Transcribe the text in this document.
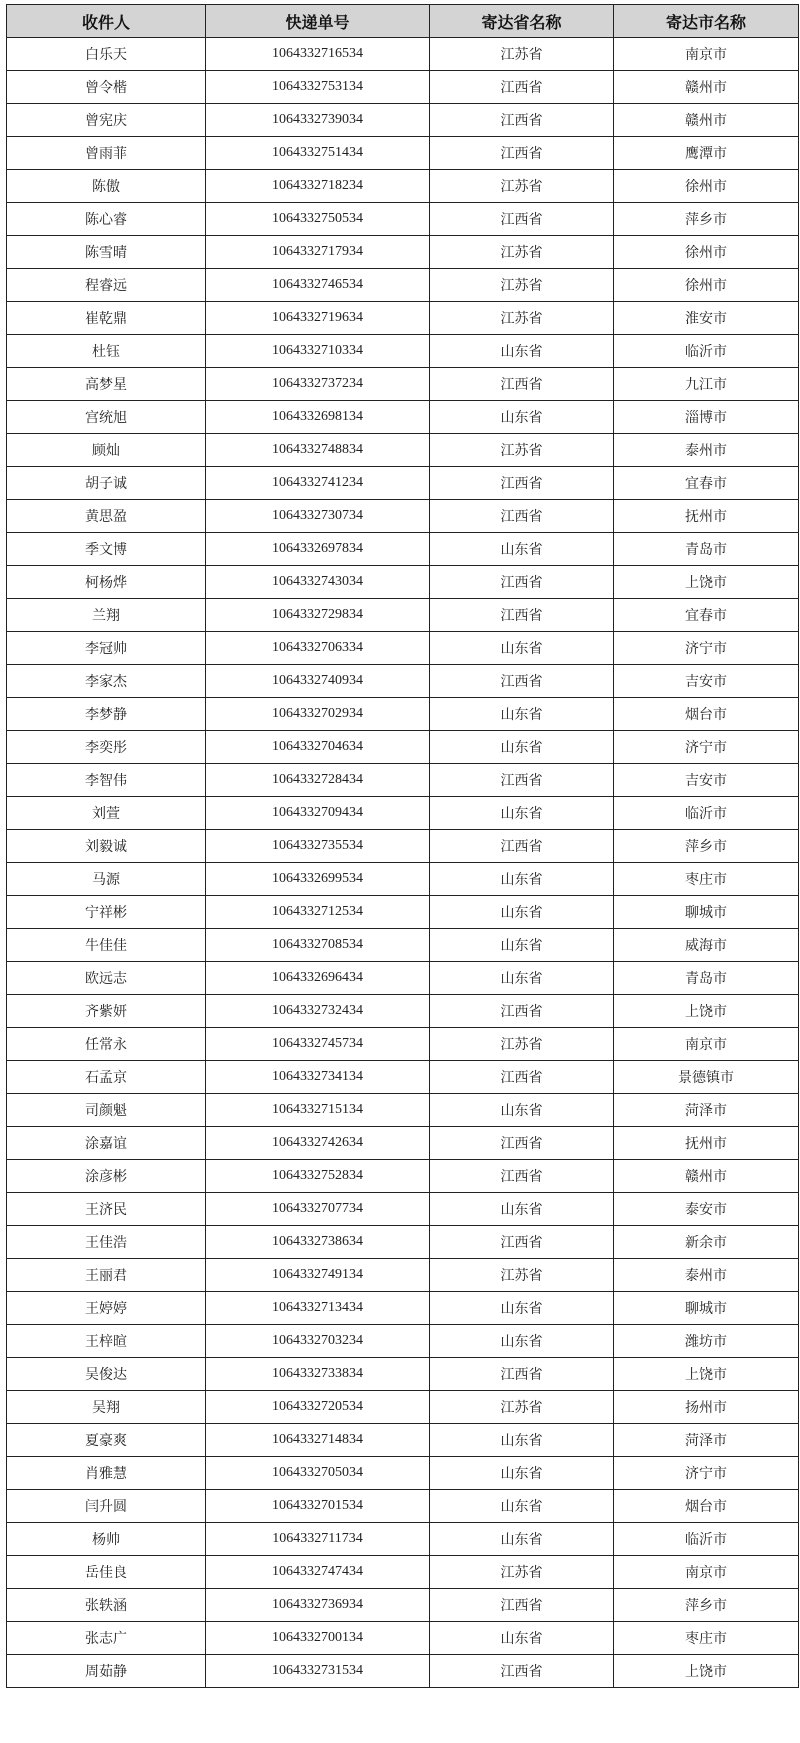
收件人	快递单号	寄达省名称	寄达市名称
白乐天	1064332716534	江苏省	南京市
曾令楷	1064332753134	江西省	赣州市
曾宪庆	1064332739034	江西省	赣州市
曾雨菲	1064332751434	江西省	鹰潭市
陈傲	1064332718234	江苏省	徐州市
陈心睿	1064332750534	江西省	萍乡市
陈雪晴	1064332717934	江苏省	徐州市
程睿远	1064332746534	江苏省	徐州市
崔乾鼎	1064332719634	江苏省	淮安市
杜钰	1064332710334	山东省	临沂市
高梦星	1064332737234	江西省	九江市
宫统旭	1064332698134	山东省	淄博市
顾灿	1064332748834	江苏省	泰州市
胡子诚	1064332741234	江西省	宜春市
黄思盈	1064332730734	江西省	抚州市
季文博	1064332697834	山东省	青岛市
柯杨烨	1064332743034	江西省	上饶市
兰翔	1064332729834	江西省	宜春市
李冠帅	1064332706334	山东省	济宁市
李家杰	1064332740934	江西省	吉安市
李梦静	1064332702934	山东省	烟台市
李奕彤	1064332704634	山东省	济宁市
李智伟	1064332728434	江西省	吉安市
刘萱	1064332709434	山东省	临沂市
刘毅诚	1064332735534	江西省	萍乡市
马源	1064332699534	山东省	枣庄市
宁祥彬	1064332712534	山东省	聊城市
牛佳佳	1064332708534	山东省	威海市
欧远志	1064332696434	山东省	青岛市
齐紫妍	1064332732434	江西省	上饶市
任常永	1064332745734	江苏省	南京市
石孟京	1064332734134	江西省	景德镇市
司颜魁	1064332715134	山东省	菏泽市
涂嘉谊	1064332742634	江西省	抚州市
涂彦彬	1064332752834	江西省	赣州市
王济民	1064332707734	山东省	泰安市
王佳浩	1064332738634	江西省	新余市
王丽君	1064332749134	江苏省	泰州市
王婷婷	1064332713434	山东省	聊城市
王梓暄	1064332703234	山东省	潍坊市
吴俊达	1064332733834	江西省	上饶市
吴翔	1064332720534	江苏省	扬州市
夏豪爽	1064332714834	山东省	菏泽市
肖雅慧	1064332705034	山东省	济宁市
闫升圆	1064332701534	山东省	烟台市
杨帅	1064332711734	山东省	临沂市
岳佳良	1064332747434	江苏省	南京市
张轶涵	1064332736934	江西省	萍乡市
张志广	1064332700134	山东省	枣庄市
周茹静	1064332731534	江西省	上饶市
